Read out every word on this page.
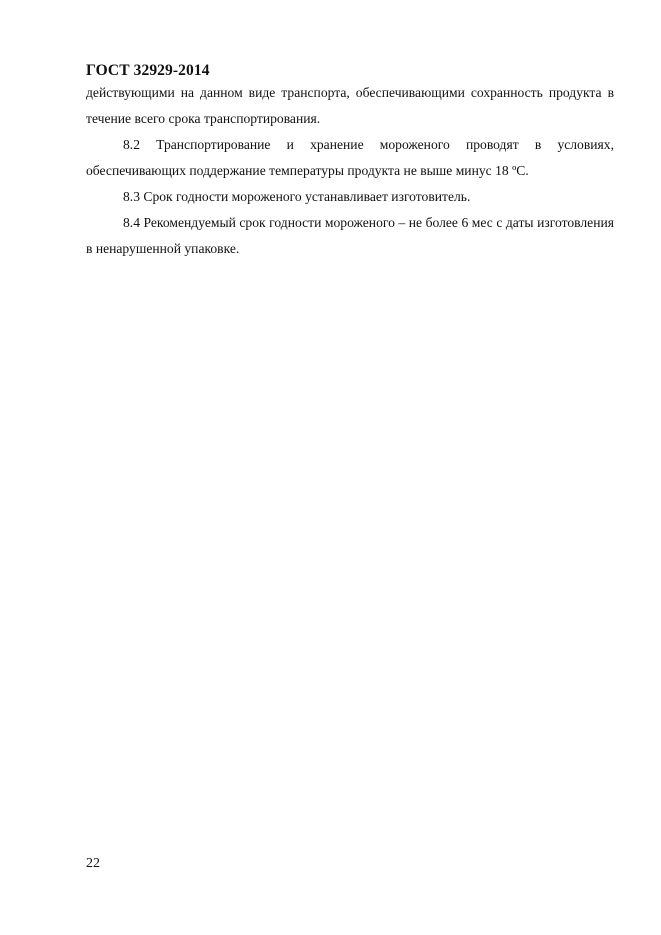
ГОСТ 32929-2014

действующими на данном виде транспорта, обеспечивающими сохранность продукта в течение всего срока транспортирования.

8.2 Транспортирование и хранение мороженого проводят в условиях, обеспечивающих поддержание температуры продукта не выше минус 18 ºС.

8.3 Срок годности мороженого устанавливает изготовитель.

8.4 Рекомендуемый срок годности мороженого – не более 6 мес с даты изготовления в ненарушенной упаковке.

22
